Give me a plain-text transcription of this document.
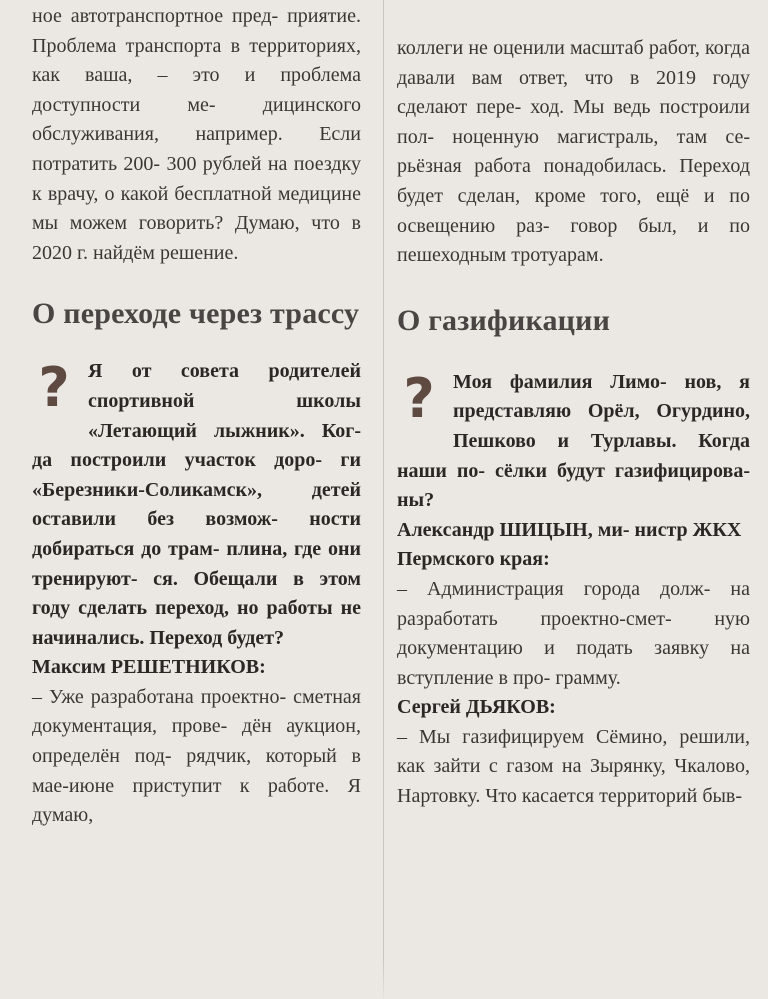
ное автотранспортное пред- приятие. Проблема транспорта в территориях, как ваша, – это и проблема доступности ме- дицинского обслуживания, например. Если потратить 200- 300 рублей на поездку к врачу, о какой бесплатной медицине мы можем говорить? Думаю, что в 2020 г. найдём решение.

О переходе через трассу
? Я от совета родителей спортивной школы «Летающий лыжник». Ког- да построили участок доро- ги «Березники-Соликамск», детей оставили без возмож- ности добираться до трам- плина, где они тренируют- ся. Обещали в этом году сделать переход, но работы не начинались. Переход будет?

Максим РЕШЕТНИКОВ:

– Уже разработана проектно- сметная документация, прове- дён аукцион, определён под- рядчик, который в мае-июне приступит к работе. Я думаю,

коллеги не оценили масштаб работ, когда давали вам ответ, что в 2019 году сделают пере- ход. Мы ведь построили пол- ноценную магистраль, там се- рьёзная работа понадобилась. Переход будет сделан, кроме того, ещё и по освещению раз- говор был, и по пешеходным тротуарам.

О газификации
? Моя фамилия Лимо- нов, я представляю Орёл, Огурдино, Пешково и Турлавы. Когда наши по- сёлки будут газифицирова- ны?

Александр ШИЦЫН, ми- нистр ЖКХ Пермского края:

– Администрация города долж- на разработать проектно-смет- ную документацию и подать заявку на вступление в про- грамму.

Сергей ДЬЯКОВ:

– Мы газифицируем Сёмино, решили, как зайти с газом на Зырянку, Чкалово, Нартовку. Что касается территорий быв-
